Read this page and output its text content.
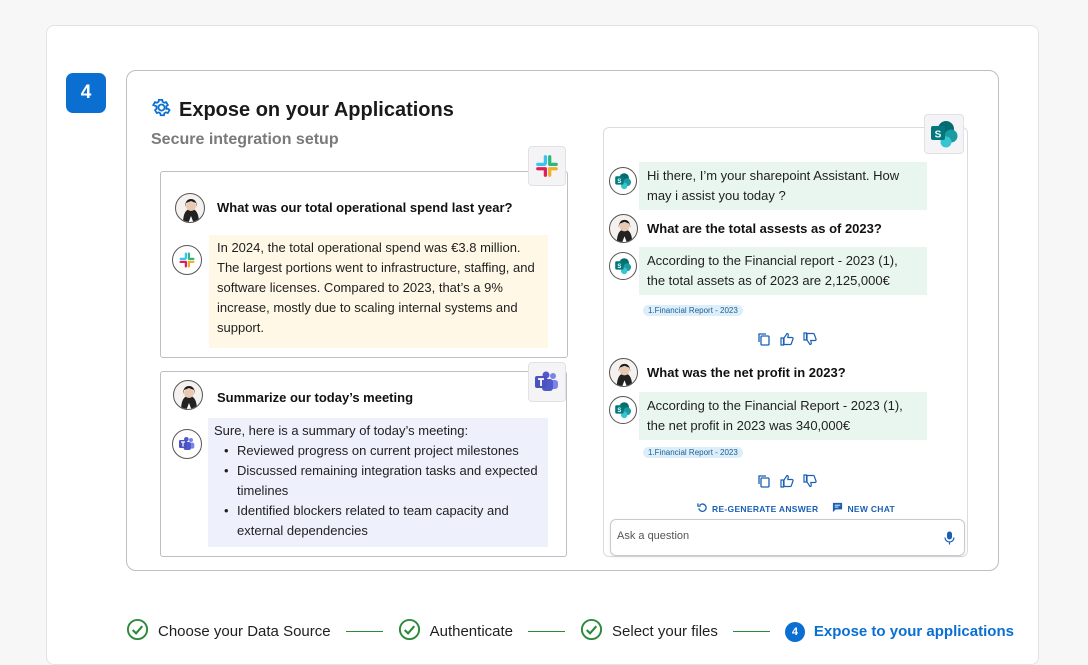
4
Expose on your Applications
Secure integration setup
What was our total operational spend last year?
In 2024, the total operational spend was €3.8 million.
The largest portions went to infrastructure, staffing, and
software licenses. Compared to 2023, that’s a 9%
increase, mostly due to scaling internal systems and
support.
Summarize our today’s meeting
Sure, here is a summary of today’s meeting:
• Reviewed progress on current project milestones
• Discussed remaining integration tasks and expected
timelines
• Identified blockers related to team capacity and
external dependencies
S
Hi there, I’m your sharepoint Assistant. How
may i assist you today ?
S
What are the total assests as of 2023?
S According to the Financial report - 2023 (1),
the total assets as of 2023 are 2,125,000€
1.Financial Report - 2023
What was the net profit in 2023?
S According to the Financial Report - 2023 (1),
the net profit in 2023 was 340,000€
1.Financial Report - 2023
RE-GENERATE ANSWER	NEW CHAT
Ask a question
Choose your Data Source	Authenticate	Select your files	4	Expose to your applications
